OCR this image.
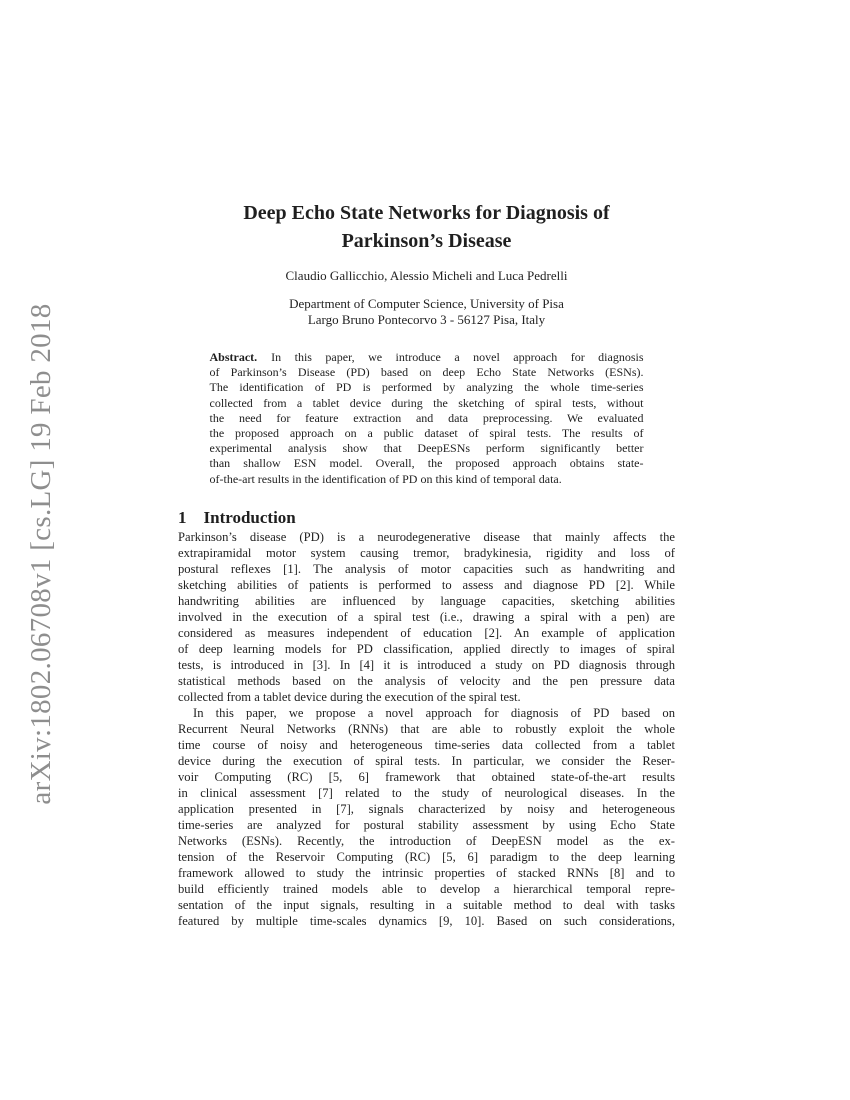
arXiv:1802.06708v1 [cs.LG] 19 Feb 2018
Deep Echo State Networks for Diagnosis of
Parkinson’s Disease
Claudio Gallicchio, Alessio Micheli and Luca Pedrelli
Department of Computer Science, University of Pisa
Largo Bruno Pontecorvo 3 - 56127 Pisa, Italy
Abstract. In this paper, we introduce a novel approach for diagnosis
of Parkinson’s Disease (PD) based on deep Echo State Networks (ESNs).
The identification of PD is performed by analyzing the whole time-series
collected from a tablet device during the sketching of spiral tests, without
the need for feature extraction and data preprocessing. We evaluated
the proposed approach on a public dataset of spiral tests. The results of
experimental analysis show that DeepESNs perform significantly better
than shallow ESN model. Overall, the proposed approach obtains state-
of-the-art results in the identification of PD on this kind of temporal data.
1 Introduction
Parkinson’s disease (PD) is a neurodegenerative disease that mainly affects the
extrapiramidal motor system causing tremor, bradykinesia, rigidity and loss of
postural reflexes [1]. The analysis of motor capacities such as handwriting and
sketching abilities of patients is performed to assess and diagnose PD [2]. While
handwriting abilities are influenced by language capacities, sketching abilities
involved in the execution of a spiral test (i.e., drawing a spiral with a pen) are
considered as measures independent of education [2]. An example of application
of deep learning models for PD classification, applied directly to images of spiral
tests, is introduced in [3]. In [4] it is introduced a study on PD diagnosis through
statistical methods based on the analysis of velocity and the pen pressure data
collected from a tablet device during the execution of the spiral test.
In this paper, we propose a novel approach for diagnosis of PD based on
Recurrent Neural Networks (RNNs) that are able to robustly exploit the whole
time course of noisy and heterogeneous time-series data collected from a tablet
device during the execution of spiral tests. In particular, we consider the Reser-
voir Computing (RC) [5, 6] framework that obtained state-of-the-art results
in clinical assessment [7] related to the study of neurological diseases. In the
application presented in [7], signals characterized by noisy and heterogeneous
time-series are analyzed for postural stability assessment by using Echo State
Networks (ESNs). Recently, the introduction of DeepESN model as the ex-
tension of the Reservoir Computing (RC) [5, 6] paradigm to the deep learning
framework allowed to study the intrinsic properties of stacked RNNs [8] and to
build efficiently trained models able to develop a hierarchical temporal repre-
sentation of the input signals, resulting in a suitable method to deal with tasks
featured by multiple time-scales dynamics [9, 10]. Based on such considerations,
